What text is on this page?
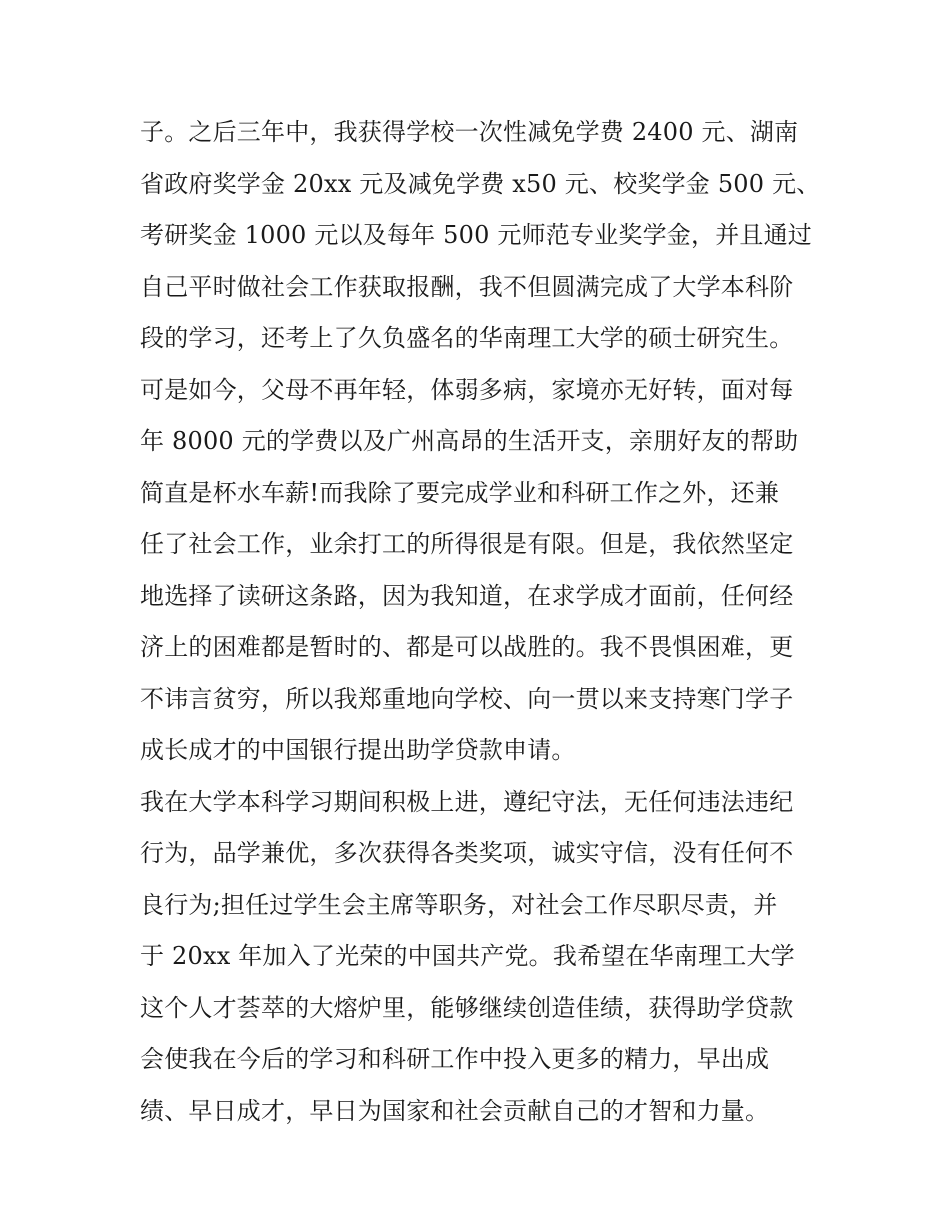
子。之后三年中，我获得学校一次性减免学费 2400 元、湖南
省政府奖学金 20xx 元及减免学费 x50 元、校奖学金 500 元、
考研奖金 1000 元以及每年 500 元师范专业奖学金，并且通过
自己平时做社会工作获取报酬，我不但圆满完成了大学本科阶
段的学习，还考上了久负盛名的华南理工大学的硕士研究生。
可是如今，父母不再年轻，体弱多病，家境亦无好转，面对每
年 8000 元的学费以及广州高昂的生活开支，亲朋好友的帮助
简直是杯水车薪!而我除了要完成学业和科研工作之外，还兼
任了社会工作，业余打工的所得很是有限。但是，我依然坚定
地选择了读研这条路，因为我知道，在求学成才面前，任何经
济上的困难都是暂时的、都是可以战胜的。我不畏惧困难，更
不讳言贫穷，所以我郑重地向学校、向一贯以来支持寒门学子
成长成才的中国银行提出助学贷款申请。
我在大学本科学习期间积极上进，遵纪守法，无任何违法违纪
行为，品学兼优，多次获得各类奖项，诚实守信，没有任何不
良行为;担任过学生会主席等职务，对社会工作尽职尽责，并
于 20xx 年加入了光荣的中国共产党。我希望在华南理工大学
这个人才荟萃的大熔炉里，能够继续创造佳绩，获得助学贷款
会使我在今后的学习和科研工作中投入更多的精力，早出成
绩、早日成才，早日为国家和社会贡献自己的才智和力量。
